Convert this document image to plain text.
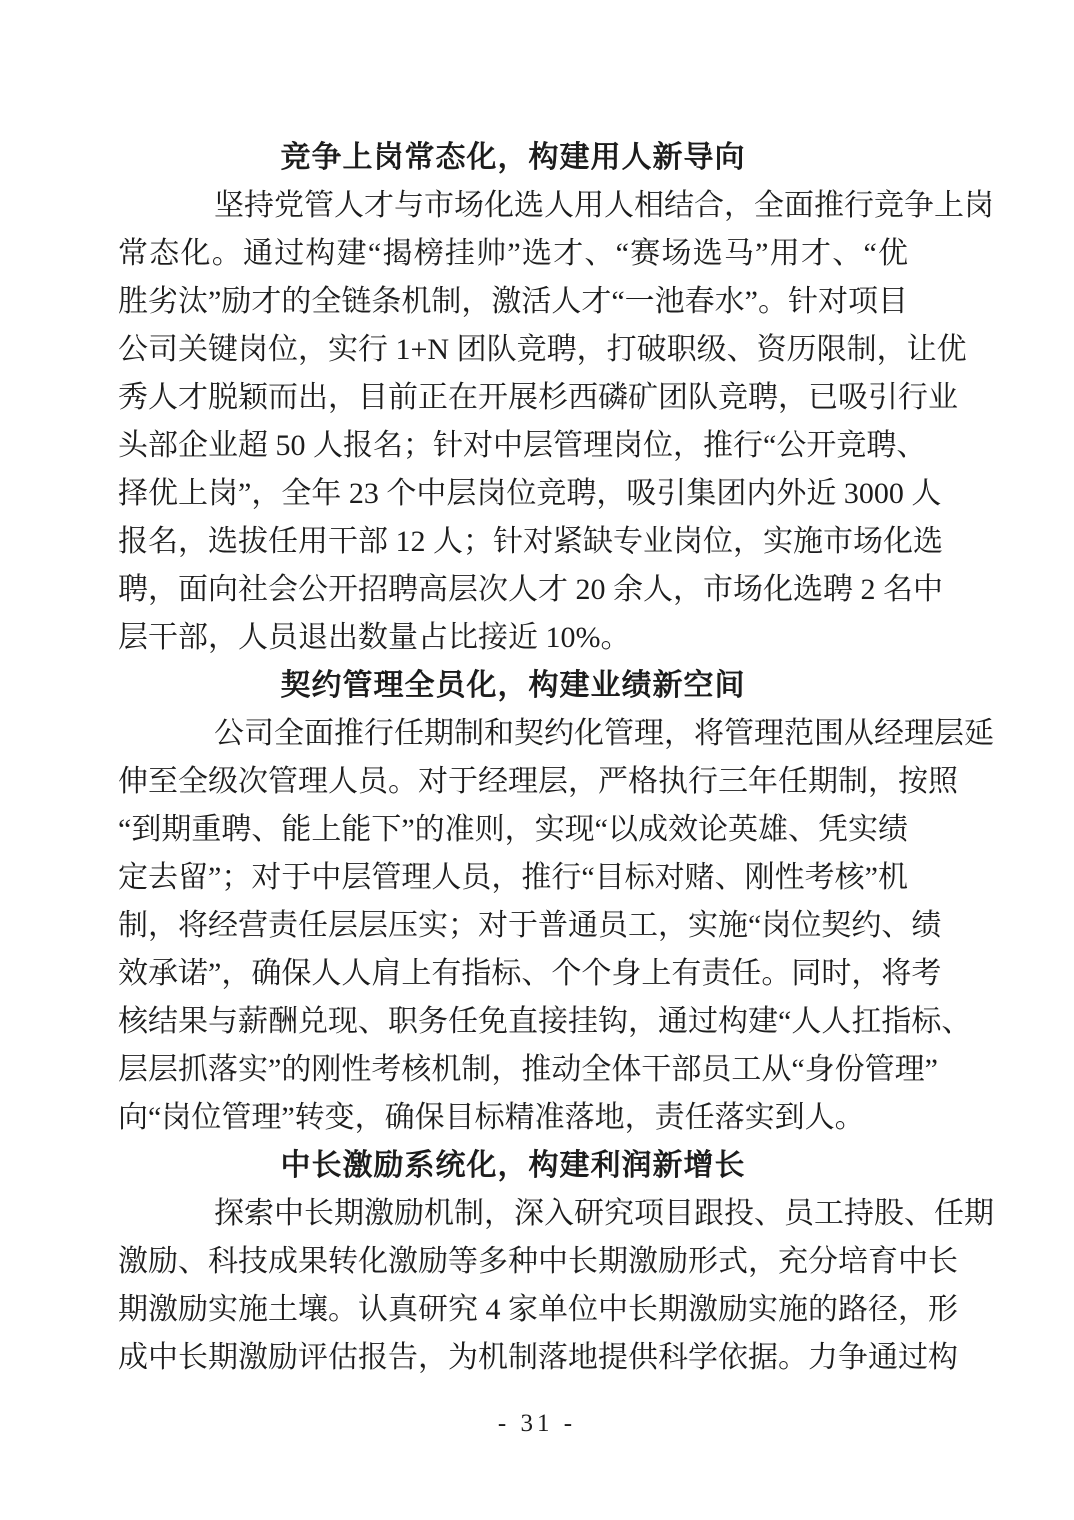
竞争上岗常态化，构建用人新导向
坚持党管人才与市场化选人用人相结合，全面推行竞争上岗
常态化。通过构建“揭榜挂帅”选才、“赛场选马”用才、“优
胜劣汰”励才的全链条机制，激活人才“一池春水”。针对项目
公司关键岗位，实行 1+N 团队竞聘，打破职级、资历限制，让优
秀人才脱颖而出，目前正在开展杉西磷矿团队竞聘，已吸引行业
头部企业超 50 人报名；针对中层管理岗位，推行“公开竞聘、
择优上岗”，全年 23 个中层岗位竞聘，吸引集团内外近 3000 人
报名，选拔任用干部 12 人；针对紧缺专业岗位，实施市场化选
聘，面向社会公开招聘高层次人才 20 余人，市场化选聘 2 名中
层干部，人员退出数量占比接近 10%。
契约管理全员化，构建业绩新空间
公司全面推行任期制和契约化管理，将管理范围从经理层延
伸至全级次管理人员。对于经理层，严格执行三年任期制，按照
“到期重聘、能上能下”的准则，实现“以成效论英雄、凭实绩
定去留”；对于中层管理人员，推行“目标对赌、刚性考核”机
制，将经营责任层层压实；对于普通员工，实施“岗位契约、绩
效承诺”，确保人人肩上有指标、个个身上有责任。同时，将考
核结果与薪酬兑现、职务任免直接挂钩，通过构建“人人扛指标、
层层抓落实”的刚性考核机制，推动全体干部员工从“身份管理”
向“岗位管理”转变，确保目标精准落地，责任落实到人。
中长激励系统化，构建利润新增长
探索中长期激励机制，深入研究项目跟投、员工持股、任期
激励、科技成果转化激励等多种中长期激励形式，充分培育中长
期激励实施土壤。认真研究 4 家单位中长期激励实施的路径，形
成中长期激励评估报告，为机制落地提供科学依据。力争通过构
- 31 -
